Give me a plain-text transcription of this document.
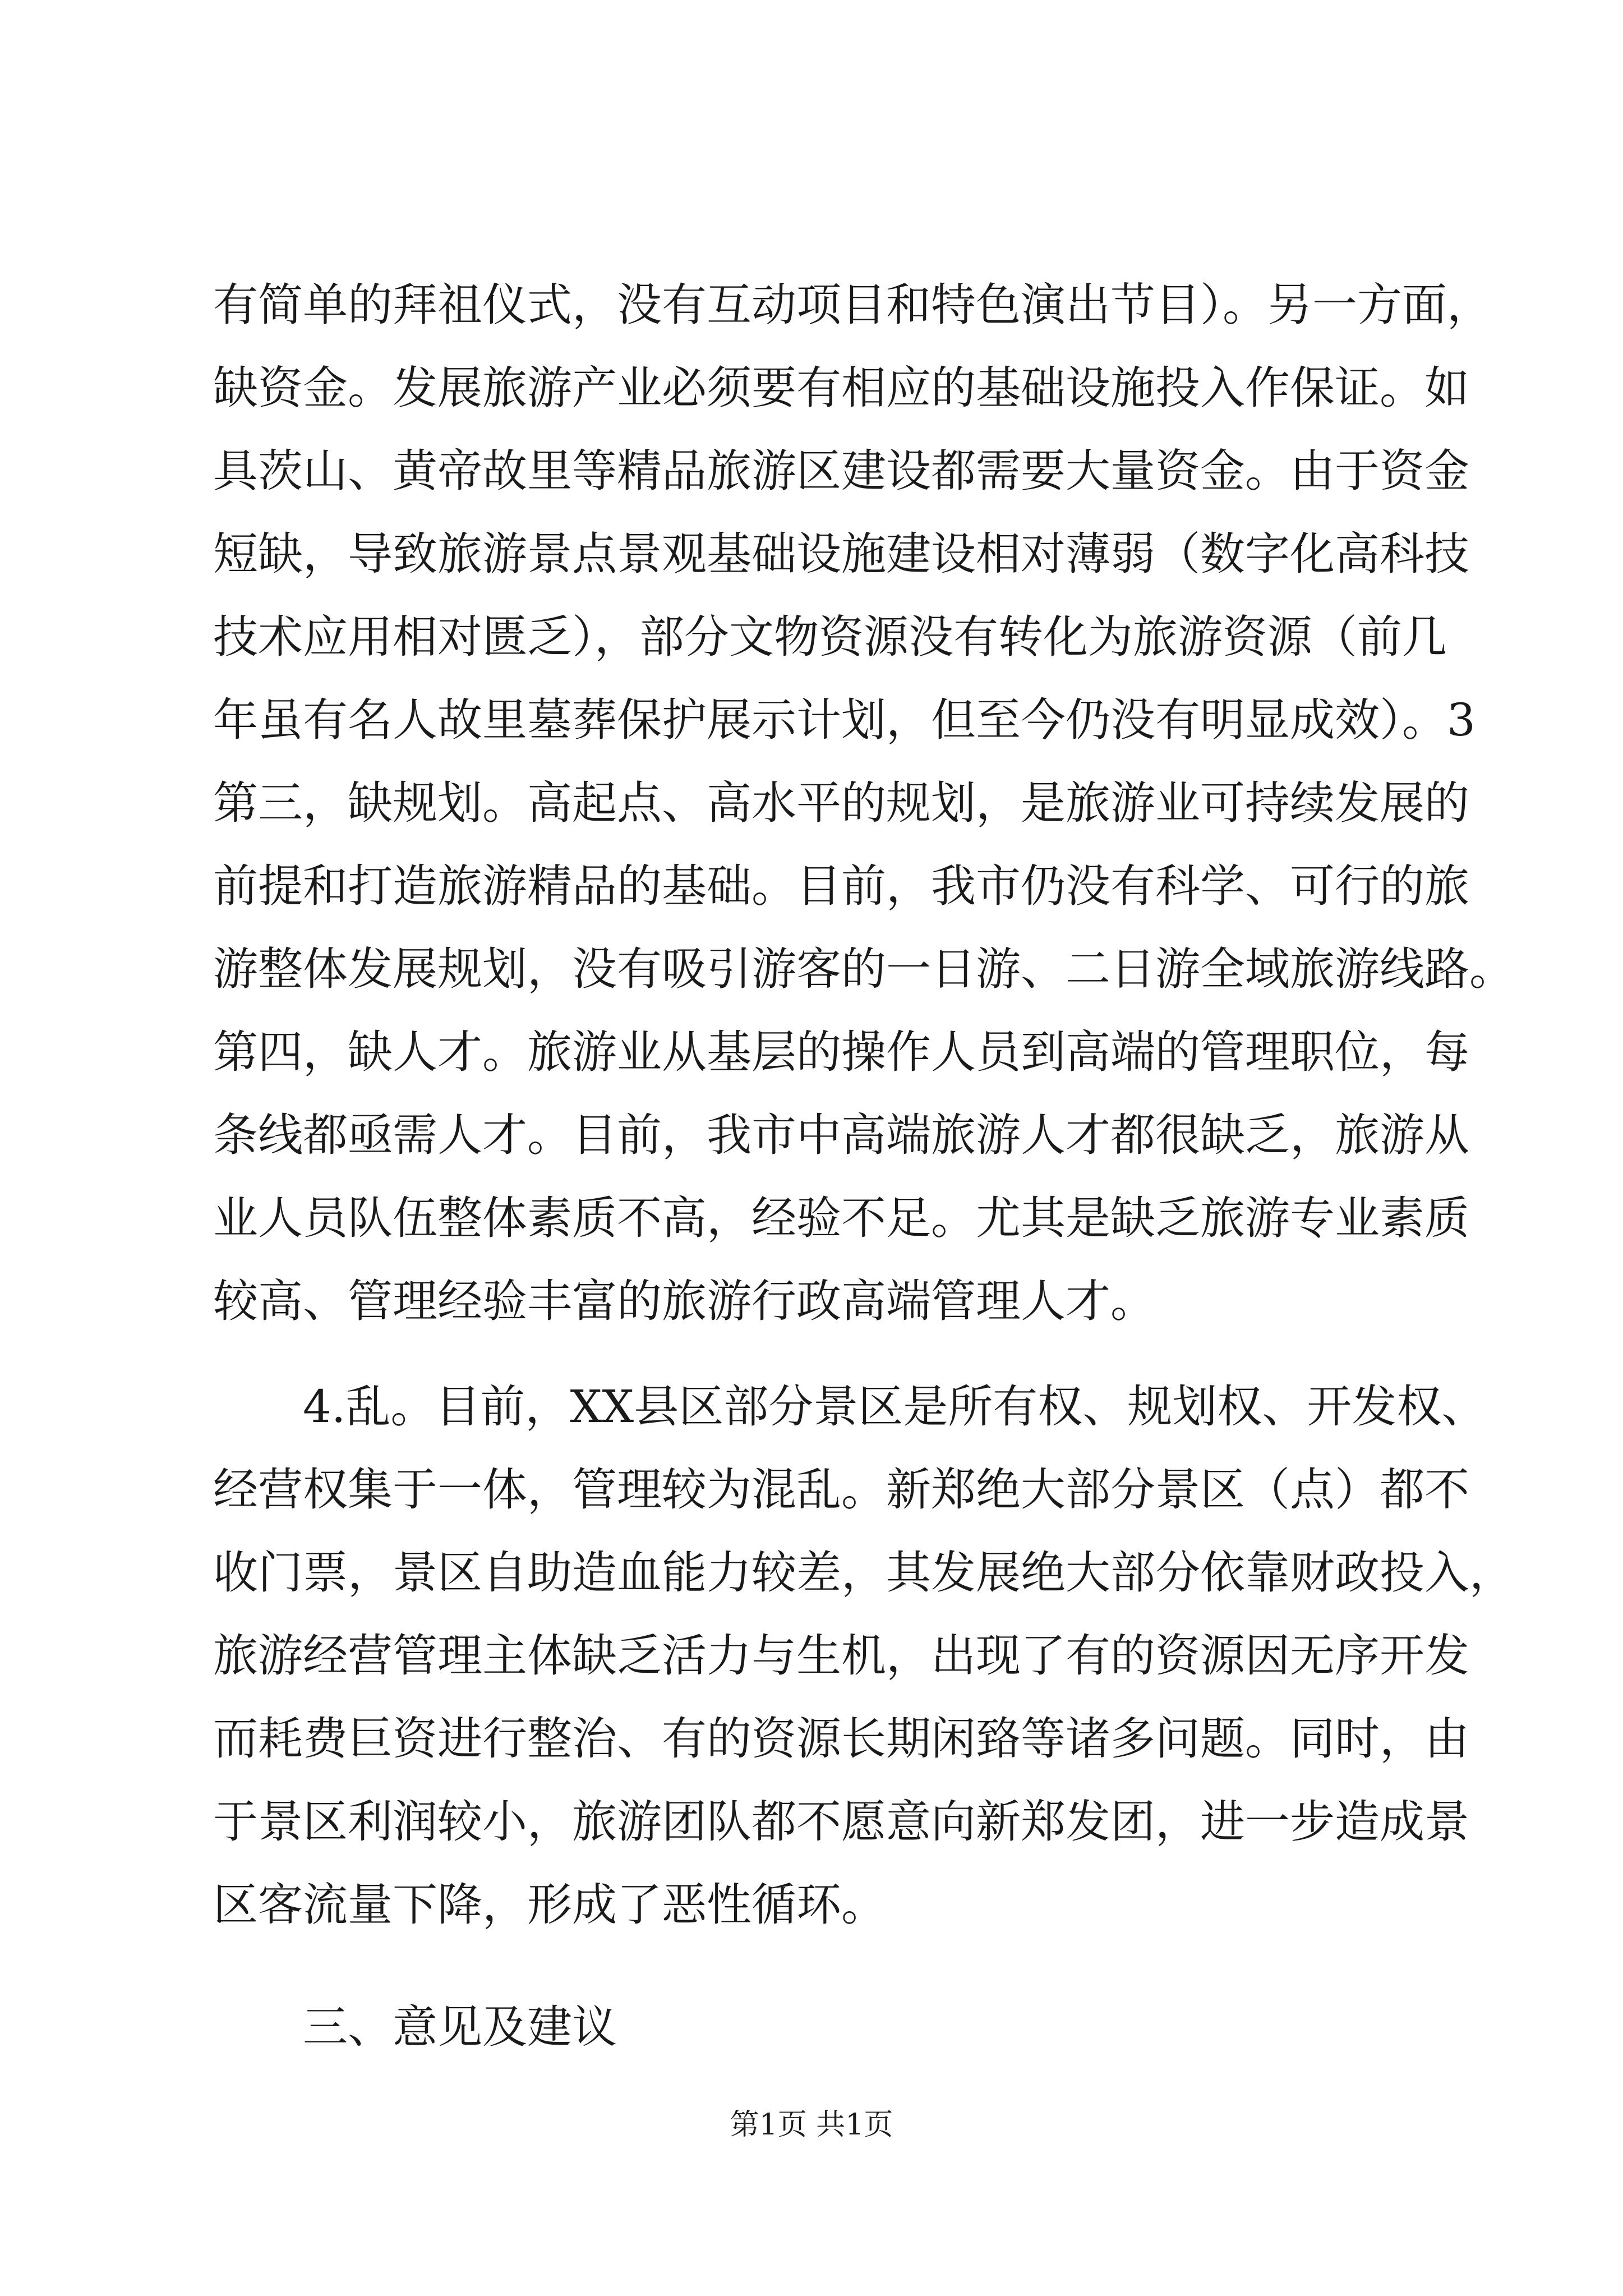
有简单的拜祖仪式，没有互动项目和特色演出节目）。另一方面，
缺资金。发展旅游产业必须要有相应的基础设施投入作保证。如
具茨山、黄帝故里等精品旅游区建设都需要大量资金。由于资金
短缺，导致旅游景点景观基础设施建设相对薄弱（数字化高科技
技术应用相对匮乏），部分文物资源没有转化为旅游资源（前几
年虽有名人故里墓葬保护展示计划，但至今仍没有明显成效）。3
第三，缺规划。高起点、高水平的规划，是旅游业可持续发展的
前提和打造旅游精品的基础。目前，我市仍没有科学、可行的旅
游整体发展规划，没有吸引游客的一日游、二日游全域旅游线路。
第四，缺人才。旅游业从基层的操作人员到高端的管理职位，每
条线都亟需人才。目前，我市中高端旅游人才都很缺乏，旅游从
业人员队伍整体素质不高，经验不足。尤其是缺乏旅游专业素质
较高、管理经验丰富的旅游行政高端管理人才。
4.乱。目前，XX县区部分景区是所有权、规划权、开发权、
经营权集于一体，管理较为混乱。新郑绝大部分景区（点）都不
收门票，景区自助造血能力较差，其发展绝大部分依靠财政投入，
旅游经营管理主体缺乏活力与生机，出现了有的资源因无序开发
而耗费巨资进行整治、有的资源长期闲臵等诸多问题。同时，由
于景区利润较小，旅游团队都不愿意向新郑发团，进一步造成景
区客流量下降，形成了恶性循环。
三、意见及建议
第1页 共1页
